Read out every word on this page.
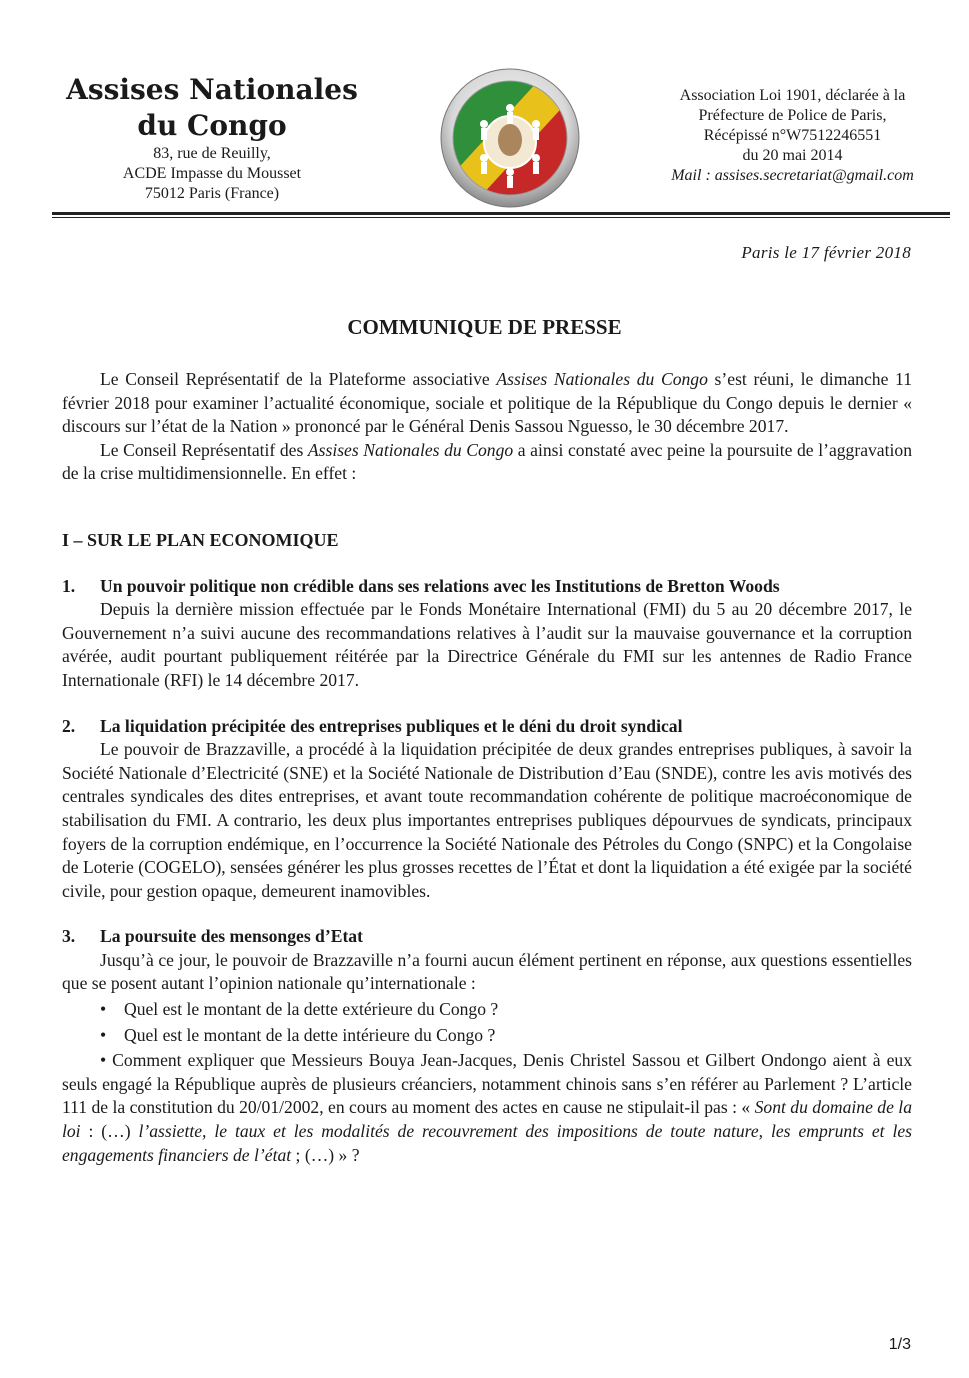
Assises Nationales
du Congo
83, rue de Reuilly,
ACDE Impasse du Mousset
75012 Paris (France)
Association Loi 1901, déclarée à la
Préfecture de Police de Paris,
Récépissé n°W7512246551
du 20 mai 2014
Mail : assises.secretariat@gmail.com
Paris le 17 février 2018
COMMUNIQUE DE PRESSE

Le Conseil Représentatif de la Plateforme associative Assises Nationales du Congo s’est réuni, le dimanche 11 février 2018 pour examiner l’actualité économique, sociale et politique de la République du Congo depuis le dernier « discours sur l’état de la Nation » prononcé par le Général Denis Sassou Nguesso, le 30 décembre 2017.

Le Conseil Représentatif des Assises Nationales du Congo a ainsi constaté avec peine la poursuite de l’aggravation de la crise multidimensionnelle. En effet :

I – SUR LE PLAN ECONOMIQUE

1.	Un pouvoir politique non crédible dans ses relations avec les Institutions de Bretton Woods

Depuis la dernière mission effectuée par le Fonds Monétaire International (FMI) du 5 au 20 décembre 2017, le Gouvernement n’a suivi aucune des recommandations relatives à l’audit sur la mauvaise gouvernance et la corruption avérée, audit pourtant publiquement réitérée par la Directrice Générale du FMI sur les antennes de Radio France Internationale (RFI) le 14 décembre 2017.

2.	La liquidation précipitée des entreprises publiques et le déni du droit syndical

Le pouvoir de Brazzaville, a procédé à la liquidation précipitée de deux grandes entreprises publiques, à savoir la Société Nationale d’Electricité (SNE) et la Société Nationale de Distribution d’Eau (SNDE), contre les avis motivés des centrales syndicales des dites entreprises, et avant toute recommandation cohérente de politique macroéconomique de stabilisation du FMI. A contrario, les deux plus importantes entreprises publiques dépourvues de syndicats, principaux foyers de la corruption endémique, en l’occurrence la Société Nationale des Pétroles du Congo (SNPC) et la Congolaise de Loterie (COGELO), sensées générer les plus grosses recettes de l’État et dont la liquidation a été exigée par la société civile, pour gestion opaque, demeurent inamovibles.

3.	La poursuite des mensonges d’Etat

Jusqu’à ce jour, le pouvoir de Brazzaville n’a fourni aucun élément pertinent en réponse, aux questions essentielles que se posent autant l’opinion nationale qu’internationale :

• Quel est le montant de la dette extérieure du Congo ?
• Quel est le montant de la dette intérieure du Congo ?

• Comment expliquer que Messieurs Bouya Jean-Jacques, Denis Christel Sassou et Gilbert Ondongo aient à eux seuls engagé la République auprès de plusieurs créanciers, notamment chinois sans s’en référer au Parlement ? L’article 111 de la constitution du 20/01/2002, en cours au moment des actes en cause ne stipulait-il pas : « Sont du domaine de la loi : (…) l’assiette, le taux et les modalités de recouvrement des impositions de toute nature, les emprunts et les engagements financiers de l’état ; (…) » ?

1/3
